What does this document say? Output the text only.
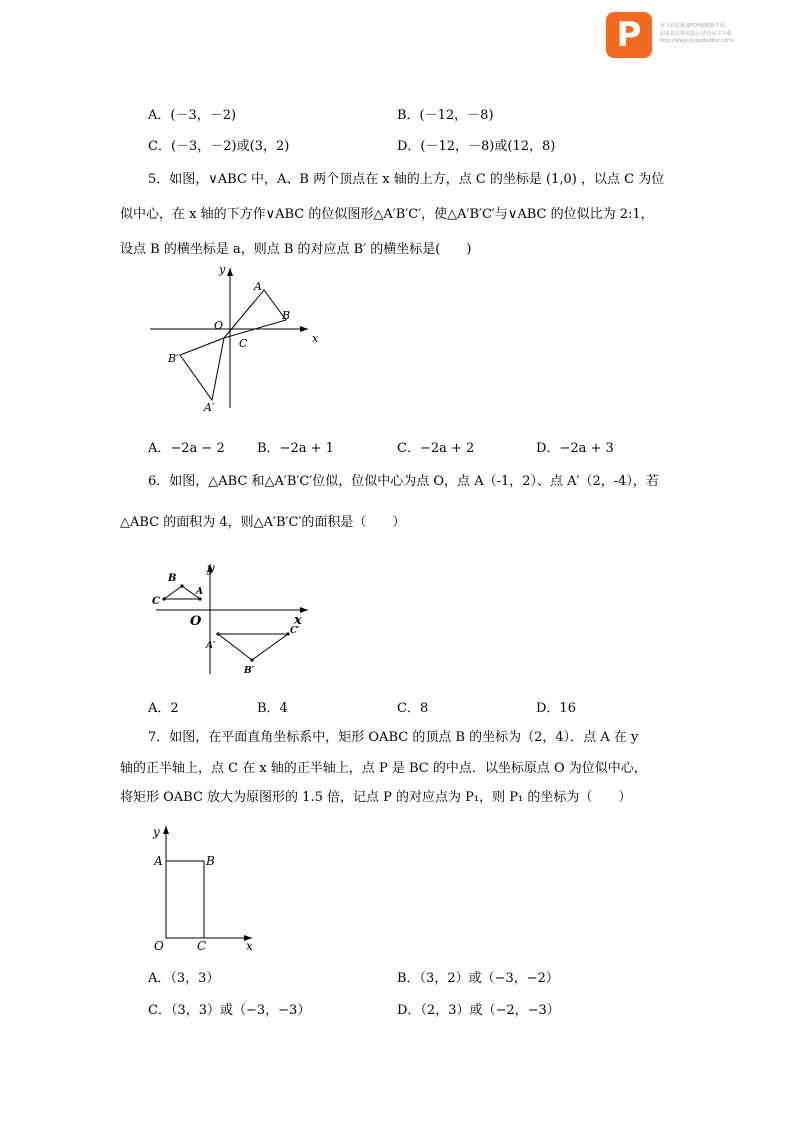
P	该文档是极速PDF编辑器生成,
如果想去掉该提示,请访问并下载:
http://www.jisupdfeditor.com/
A．(－3，－2)	B．(－12，－8)
C．(－3，－2)或(3，2)	D．(－12，－8)或(12，8)
5．如图，∨ABC 中，A、B 两个顶点在 x 轴的上方，点 C 的坐标是 (1,0) ，以点 C 为位
似中心，在 x 轴的下方作∨ABC 的位似图形△A′B′C′，使△A′B′C′与∨ABC 的位似比为 2:1，
设点 B 的横坐标是 a，则点 B 的对应点 B′ 的横坐标是(　　)
A
B
C
O
B′
A′
x
y
A．−2a − 2 B．−2a + 1	C．−2a + 2	D．−2a + 3
6．如图，△ABC 和△A′B′C′位似，位似中心为点 O，点 A（-1，2）、点 A′（2，-4），若
△ABC 的面积为 4，则△A′B′C′的面积是（　　）
B
C
A
O
A′
B′
C′
x
y
A．2	B．4	C．8	D．16
7．如图，在平面直角坐标系中，矩形 OABC 的顶点 B 的坐标为（2，4）．点 A 在 y
轴的正半轴上，点 C 在 x 轴的正半轴上，点 P 是 BC 的中点．以坐标原点 O 为位似中心，
将矩形 OABC 放大为原图形的 1.5 倍，记点 P 的对应点为 P₁，则 P₁ 的坐标为（　　）
y
A	B
O	C	x
A．（3，3）	B．（3，2）或（−3，−2）
C．（3，3）或（−3，−3）	D．（2，3）或（−2，−3）
